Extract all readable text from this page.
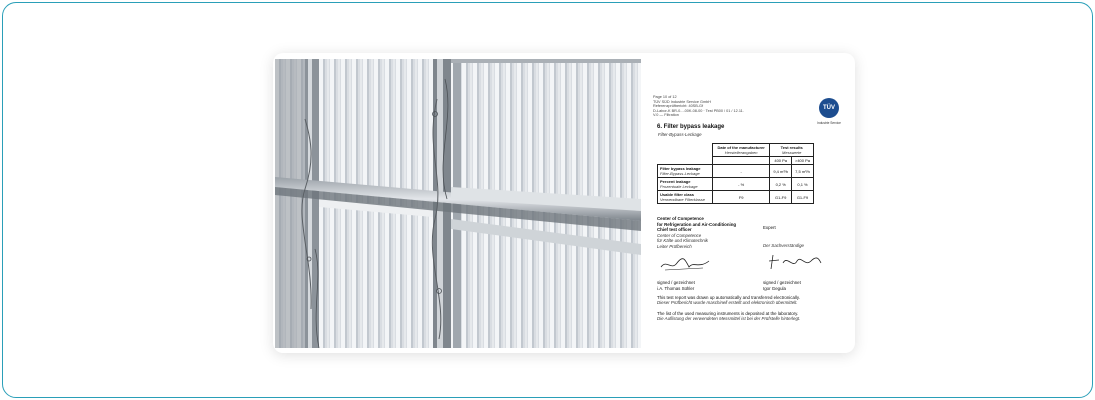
Page 10 of 12
TÜV SÜD Industrie Service GmbH
Referenzprüfbericht: 40SB-Gf
D-Labor-K BR-0...-00K-08-00 · Test PB00 / 01 / 12.11.
V.0 — Filtration
TÜV
Industrie Service
6. Filter bypass leakage
Filter-Bypass-Leckage
	Date of the manufacturer
Herstellerangaben	Test results
Messwerte	

		400 Pa	>400 Pa
Filter bypass leakage
Filter-Bypass-Leckage	-	9,4 m³/h	7,5 m³/h
Percent leakage
Prozentuale Leckage	- %	0,2 %	0,1 %
Usable filter class
Verwendbare Filterklasse	F9	G1-F9	G1-F9
Center of Competence
for Refrigeration and Air-Conditioning
Chief test officer
Center of Competence
für Kälte und Klimatechnik
Leiter Prüfbereich
Expert
Der Sachverständige
signed / gezeichnet
i.A. Thomas Sühler
signed / gezeichnet
Igor Gegula
This test report was drawn up automatically and transferred electronically.
Dieser Prüfbericht wurde maschinell erstellt und elektronisch übermittelt.
The list of the used measuring instruments is deposited at the laboratory.
Die Auflistung der verwendeten Messmittel ist bei der Prüfstelle hinterlegt.
